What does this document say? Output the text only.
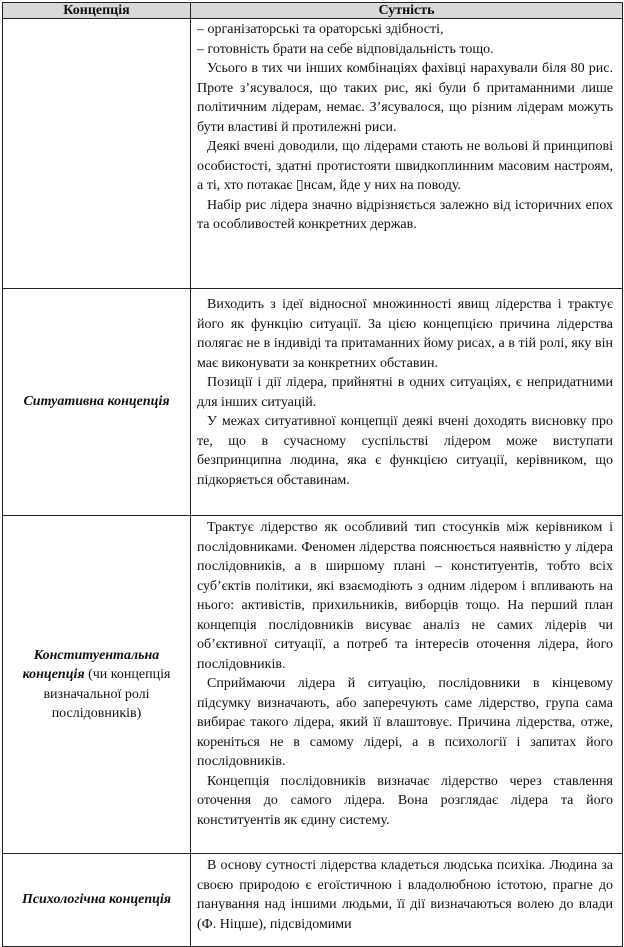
Концепція	Сутність

	– організаторські та ораторські здібності,

– готовність брати на себе відповідальність тощо.

Усього в тих чи інших комбінаціях фахівці нарахували біля 80 рис. Проте з’ясувалося, що таких рис, які були б притаманними лише політичним лідерам, немає. З’ясувалося, що різним лідерам можуть бути властиві й протилежні риси.

Деякі вчені доводили, що лідерами стають не вольові й принципові особистості, здатні протистояти швидкоплинним масовим настроям, а ті, хто потакає ▯нсам, йде у них на поводу.

Набір рис лідера значно відрізняється залежно від історичних епох та особливостей конкретних держав.

Ситуативна концепція	Виходить з ідеї відносної множинності явищ лідерства і трактує його як функцію ситуації. За цією концепцією причина лідерства полягає не в індивіді та притаманних йому рисах, а в тій ролі, яку він має виконувати за конкретних обставин.

Позиції і дії лідера, прийнятні в одних ситуаціях, є непридатними для інших ситуацій.

У межах ситуативної концепції деякі вчені доходять висновку про те, що в сучасному суспільстві лідером може виступати безпринципна людина, яка є функцією ситуації, керівником, що підкоряється обставинам.

Конституентальна концепція (чи концепція визначальної ролі послідовників)	Трактує лідерство як особливий тип стосунків між керівником і послідовниками. Феномен лідерства пояснюється наявністю у лідера послідовників, а в ширшому плані – конституентів, тобто всіх суб’єктів політики, які взаємодіють з одним лідером і впливають на нього: активістів, прихильників, виборців тощо. На перший план концепція послідовників висуває аналіз не самих лідерів чи об’єктивної ситуації, а потреб та інтересів оточення лідера, його послідовників.

Сприймаючи лідера й ситуацію, послідовники в кінцевому підсумку визначають, або заперечують саме лідерство, група сама вибирає такого лідера, який її влаштовує. Причина лідерства, отже, кореніться не в самому лідері, а в психології і запитах його послідовників.

Концепція послідовників визначає лідерство через ставлення оточення до самого лідера. Вона розглядає лідера та його конституентів як єдину систему.

Психологічна концепція	В основу сутності лідерства кладеться людська психіка. Людина за своєю природою є егоїстичною і владолюбною істотою, прагне до панування над іншими людьми, її дії визначаються волею до влади (Ф. Ніцше), підсвідомими
